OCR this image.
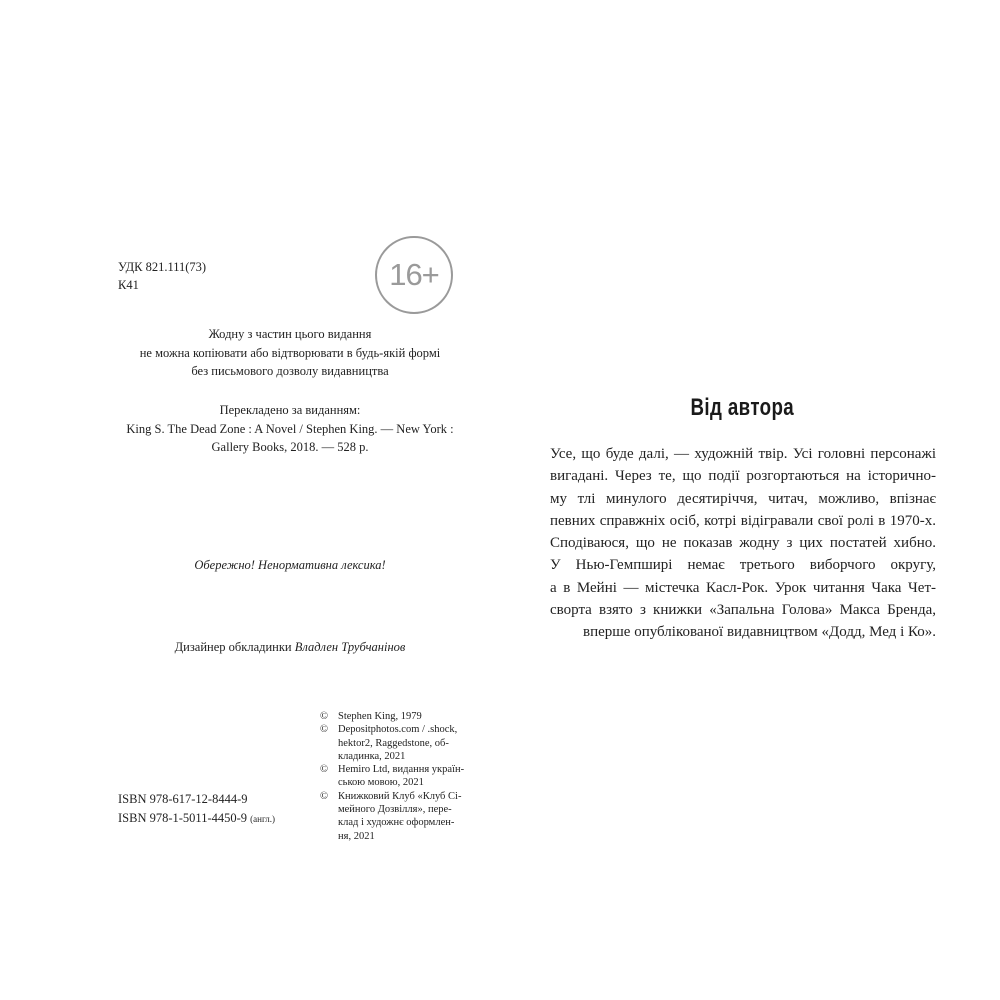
УДК 821.111(73)
К41	16+
Жодну з частин цього видання
не можна копіювати або відтворювати в будь-якій формі
без письмового дозволу видавництва
Перекладено за виданням:
King S. The Dead Zone : A Novel / Stephen King. — New York :
Gallery Books, 2018. — 528 p.
Обережно! Ненормативна лексика!
Дизайнер обкладинки Владлен Трубчанінов
© Stephen King, 1979
© Depositphotos.com / .shock,
hektor2, Raggedstone, об-
кладинка, 2021
© Hemiro Ltd, видання україн-
ською мовою, 2021
© Книжковий Клуб «Клуб Сі-
мейного Дозвілля», пере-
клад і художнє оформлен-
ня, 2021
ISBN 978-617-12-8444-9
ISBN 978-1-5011-4450-9 (англ.)
Від автора
Усе, що буде далі, — художній твір. Усі головні персонажі
вигадані. Через те, що події розгортаються на історично-
му тлі минулого десятиріччя, читач, можливо, впізнає
певних справжніх осіб, котрі відігравали свої ролі в 1970-х.
Сподіваюся, що не показав жодну з цих постатей хибно.
У Нью-Гемпширі немає третього виборчого округу,
а в Мейні — містечка Касл-Рок. Урок читання Чака Чет-
сворта взято з книжки «Запальна Голова» Макса Бренда,
вперше опублікованої видавництвом «Додд, Мед і Ко».
